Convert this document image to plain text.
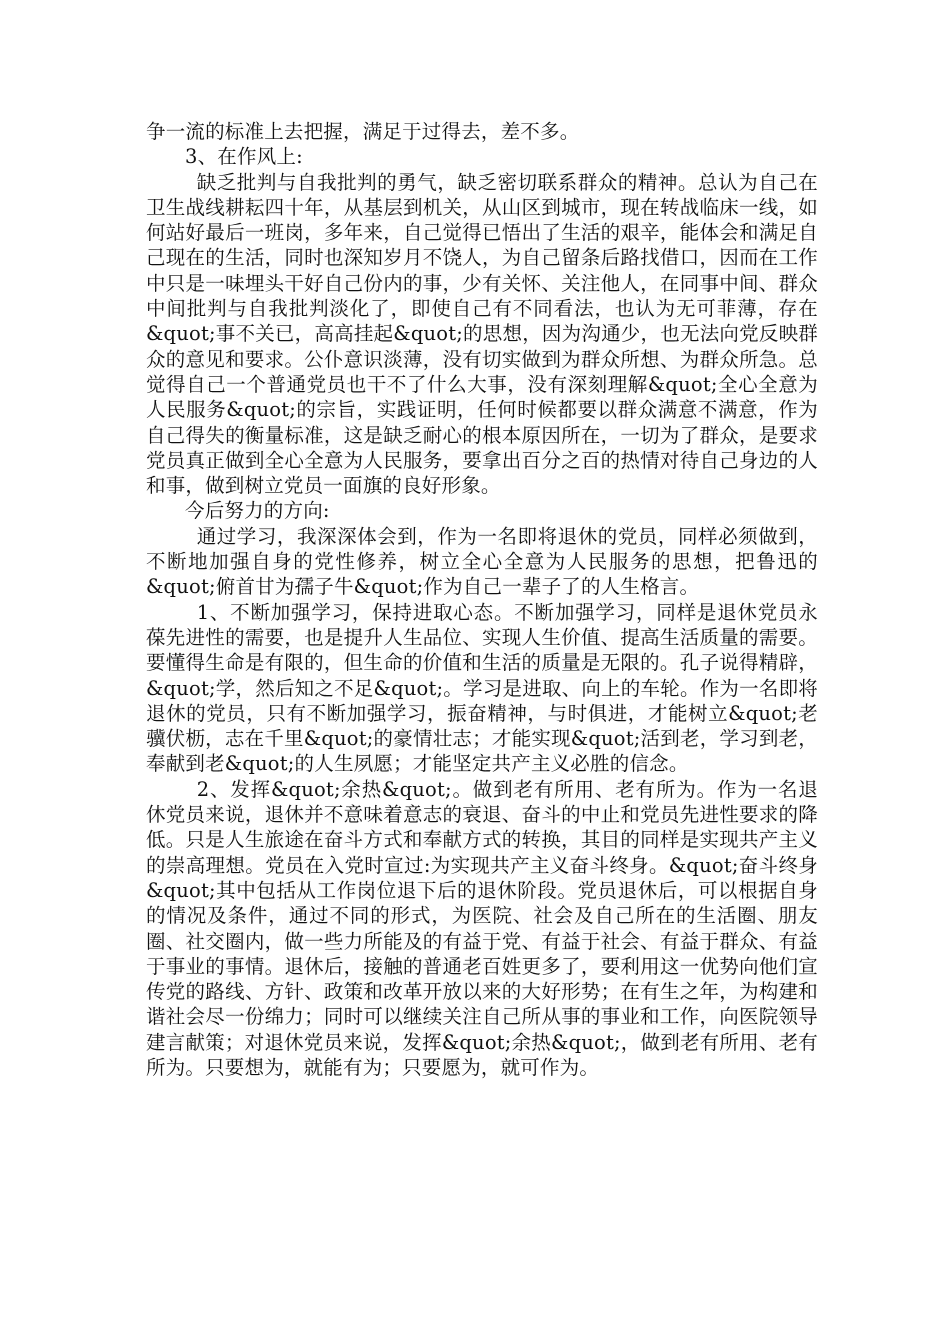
争一流的标准上去把握，满足于过得去，差不多。

3、在作风上:

缺乏批判与自我批判的勇气，缺乏密切联系群众的精神。总认为自己在卫生战线耕耘四十年，从基层到机关，从山区到城市，现在转战临床一线，如何站好最后一班岗，多年来，自己觉得已悟出了生活的艰辛，能体会和满足自己现在的生活，同时也深知岁月不饶人，为自己留条后路找借口，因而在工作中只是一味埋头干好自己份内的事，少有关怀、关注他人，在同事中间、群众中间批判与自我批判淡化了，即使自己有不同看法，也认为无可菲薄，存在&quot;事不关已，高高挂起&quot;的思想，因为沟通少，也无法向党反映群众的意见和要求。公仆意识淡薄，没有切实做到为群众所想、为群众所急。总觉得自己一个普通党员也干不了什么大事，没有深刻理解&quot;全心全意为人民服务&quot;的宗旨，实践证明，任何时候都要以群众满意不满意，作为自己得失的衡量标准，这是缺乏耐心的根本原因所在，一切为了群众，是要求党员真正做到全心全意为人民服务，要拿出百分之百的热情对待自己身边的人和事，做到树立党员一面旗的良好形象。

今后努力的方向:

通过学习，我深深体会到，作为一名即将退休的党员，同样必须做到，不断地加强自身的党性修养，树立全心全意为人民服务的思想，把鲁迅的&quot;俯首甘为孺子牛&quot;作为自己一辈子了的人生格言。

1、不断加强学习，保持进取心态。不断加强学习，同样是退休党员永葆先进性的需要，也是提升人生品位、实现人生价值、提高生活质量的需要。要懂得生命是有限的，但生命的价值和生活的质量是无限的。孔子说得精辟，&quot;学，然后知之不足&quot;。学习是进取、向上的车轮。作为一名即将退休的党员，只有不断加强学习，振奋精神，与时俱进，才能树立&quot;老骥伏枥，志在千里&quot;的豪情壮志；才能实现&quot;活到老，学习到老，奉献到老&quot;的人生夙愿；才能坚定共产主义必胜的信念。

2、发挥&quot;余热&quot;。做到老有所用、老有所为。作为一名退休党员来说，退休并不意味着意志的衰退、奋斗的中止和党员先进性要求的降低。只是人生旅途在奋斗方式和奉献方式的转换，其目的同样是实现共产主义的崇高理想。党员在入党时宣过:为实现共产主义奋斗终身。&quot;奋斗终身&quot;其中包括从工作岗位退下后的退休阶段。党员退休后，可以根据自身的情况及条件，通过不同的形式，为医院、社会及自己所在的生活圈、朋友圈、社交圈内，做一些力所能及的有益于党、有益于社会、有益于群众、有益于事业的事情。退休后，接触的普通老百姓更多了，要利用这一优势向他们宣传党的路线、方针、政策和改革开放以来的大好形势；在有生之年，为构建和谐社会尽一份绵力；同时可以继续关注自己所从事的事业和工作，向医院领导建言献策；对退休党员来说，发挥&quot;余热&quot;，做到老有所用、老有所为。只要想为，就能有为；只要愿为，就可作为。
